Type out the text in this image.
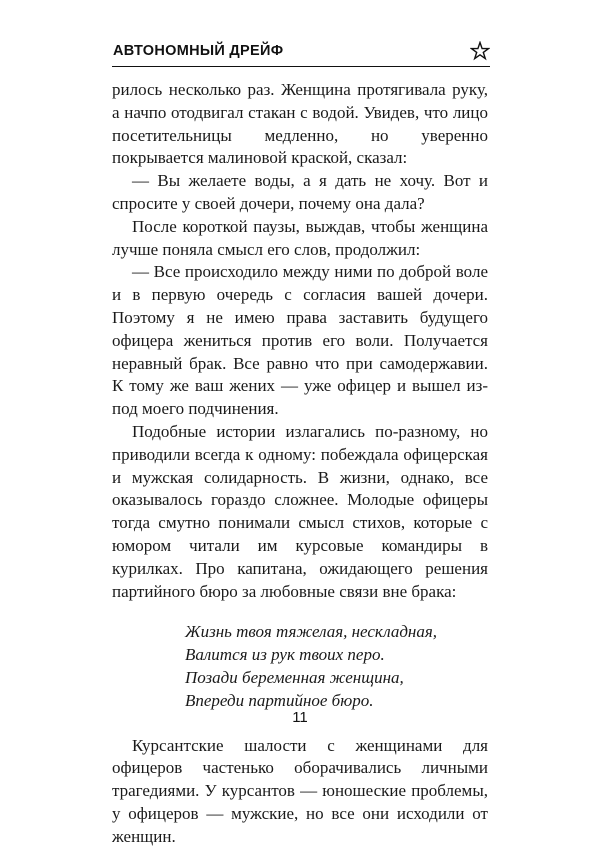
АВТОНОМНЫЙ ДРЕЙФ

рилось несколько раз. Женщина протягивала руку, а начпо отодвигал стакан с водой. Увидев, что лицо посетительницы медленно, но уверенно покрывается малиновой краской, сказал:

— Вы желаете воды, а я дать не хочу. Вот и спросите у своей дочери, почему она дала?

После короткой паузы, выждав, чтобы женщина лучше поняла смысл его слов, продолжил:

— Все происходило между ними по доброй воле и в первую очередь с согласия вашей дочери. Поэтому я не имею права заставить будущего офицера жениться против его воли. Получается неравный брак. Все равно что при самодержавии. К тому же ваш жених — уже офицер и вышел из-под моего подчинения.

Подобные истории излагались по-разному, но приводили всегда к одному: побеждала офицерская и мужская солидарность. В жизни, однако, все оказывалось гораздо сложнее. Молодые офицеры тогда смутно понимали смысл стихов, которые с юмором читали им курсовые командиры в курилках. Про капитана, ожидающего решения партийного бюро за любовные связи вне брака:

Жизнь твоя тяжелая, нескладная,
Валится из рук твоих перо.
Позади беременная женщина,
Впереди партийное бюро.

Курсантские шалости с женщинами для офицеров частенько оборачивались личными трагедиями. У курсантов — юношеские проблемы, у офицеров — мужские, но все они исходили от женщин.

11
